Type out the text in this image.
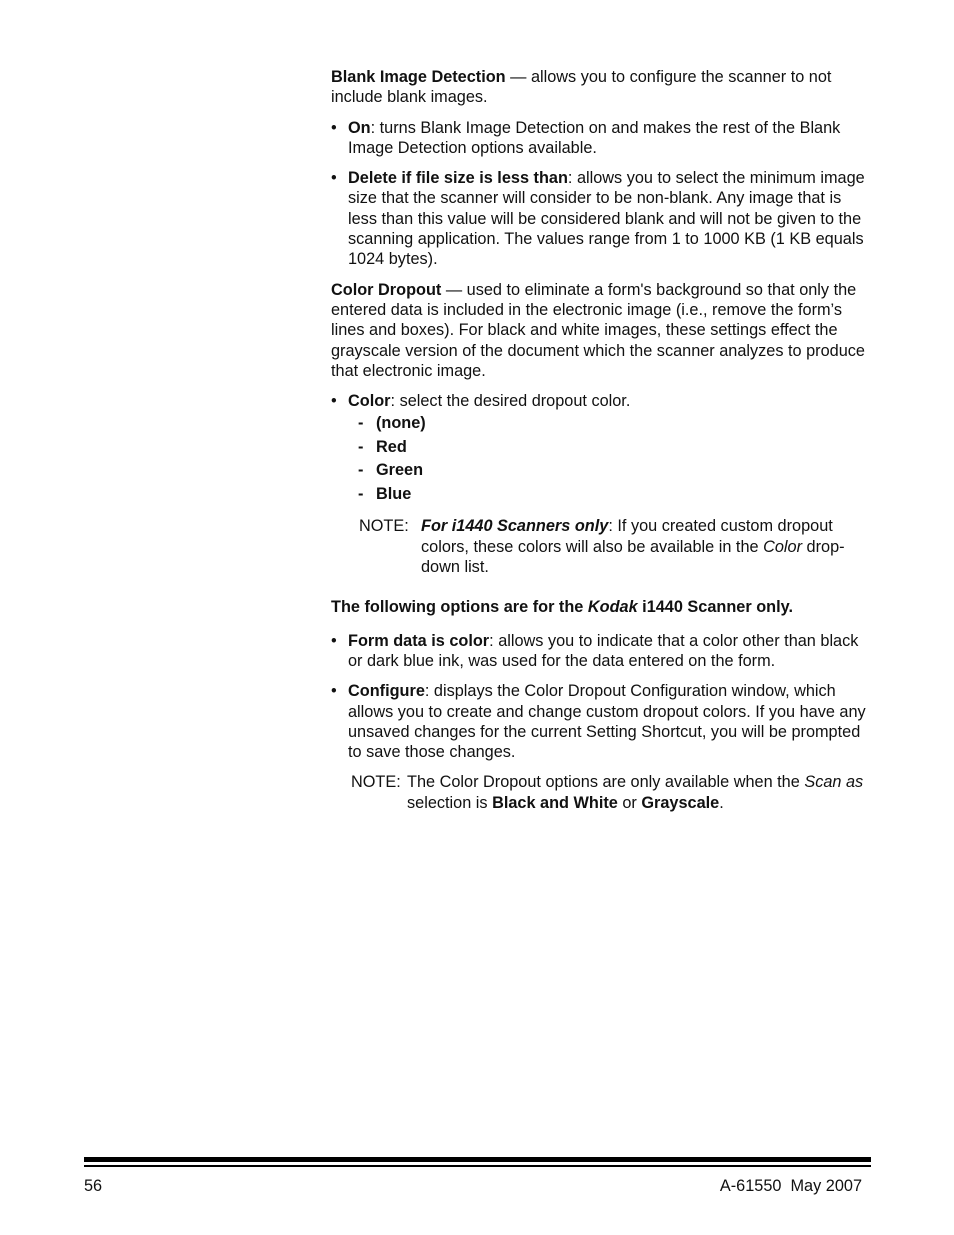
Blank Image Detection — allows you to configure the scanner to not include blank images.

• On: turns Blank Image Detection on and makes the rest of the Blank Image Detection options available.
• Delete if file size is less than: allows you to select the minimum image size that the scanner will consider to be non-blank. Any image that is less than this value will be considered blank and will not be given to the scanning application. The values range from 1 to 1000 KB (1 KB equals 1024 bytes).

Color Dropout — used to eliminate a form's background so that only the entered data is included in the electronic image (i.e., remove the form’s lines and boxes). For black and white images, these settings effect the grayscale version of the document which the scanner analyzes to produce that electronic image.

• Color: select the desired dropout color.
- (none)
- Red
- Green
- Blue
NOTE: For i1440 Scanners only: If you created custom dropout colors, these colors will also be available in the Color drop-down list.

The following options are for the Kodak i1440 Scanner only.

• Form data is color: allows you to indicate that a color other than black or dark blue ink, was used for the data entered on the form.
• Configure: displays the Color Dropout Configuration window, which allows you to create and change custom dropout colors. If you have any unsaved changes for the current Setting Shortcut, you will be prompted to save those changes.
NOTE: The Color Dropout options are only available when the Scan as selection is Black and White or Grayscale.
56	A-61550  May 2007
